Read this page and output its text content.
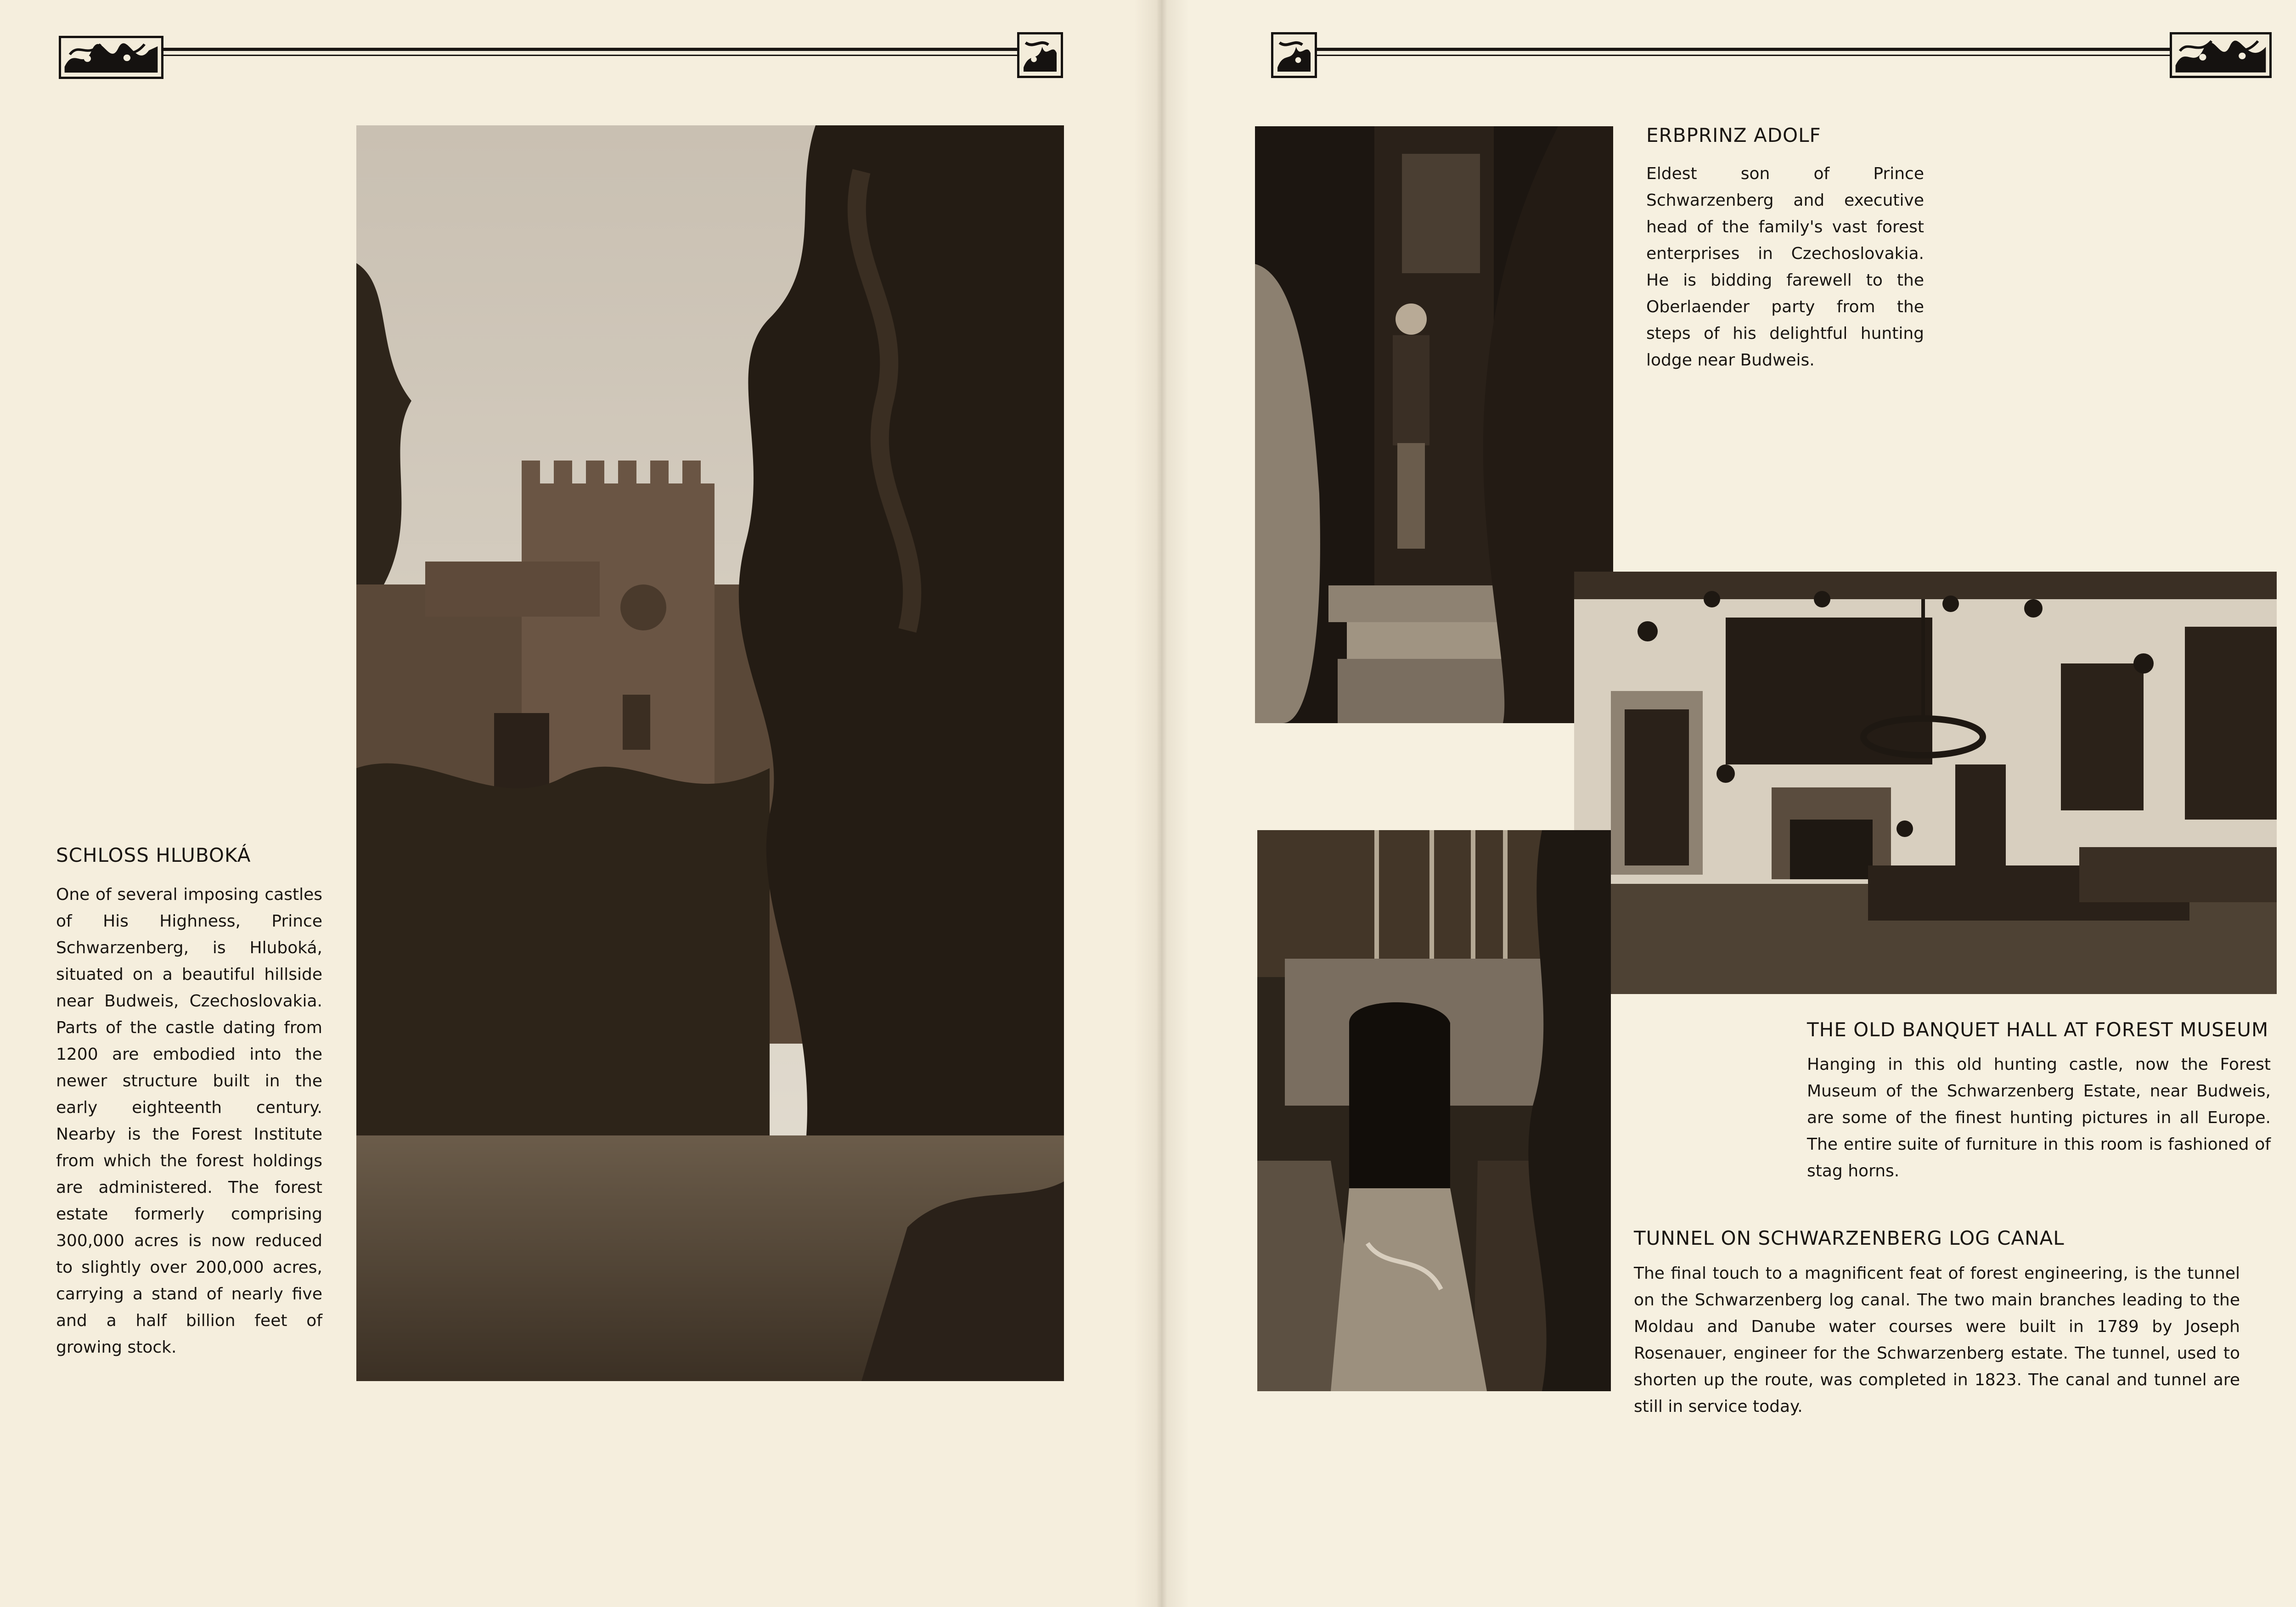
SCHLOSS HLUBOKÁ

One of several imposing castles of His Highness, Prince Schwarzenberg, is Hluboká, situated on a beautiful hillside near Budweis, Czechoslovakia. Parts of the castle dating from 1200 are embodied into the newer structure built in the early eighteenth century. Nearby is the Forest Institute from which the forest holdings are administered. The forest estate formerly comprising 300,000 acres is now reduced to slightly over 200,000 acres, carrying a stand of nearly five and a half billion feet of growing stock.

ERBPRINZ ADOLF

Eldest son of Prince Schwarzenberg and executive head of the family's vast forest enterprises in Czechoslovakia. He is bidding farewell to the Oberlaender party from the steps of his delightful hunting lodge near Budweis.

THE OLD BANQUET HALL AT FOREST MUSEUM

Hanging in this old hunting castle, now the Forest Museum of the Schwarzenberg Estate, near Budweis, are some of the finest hunting pictures in all Europe. The entire suite of furniture in this room is fashioned of stag horns.

TUNNEL ON SCHWARZENBERG LOG CANAL

The final touch to a magnificent feat of forest engineering, is the tunnel on the Schwarzenberg log canal. The two main branches leading to the Moldau and Danube water courses were built in 1789 by Joseph Rosenauer, engineer for the Schwarzenberg estate. The tunnel, used to shorten up the route, was completed in 1823. The canal and tunnel are still in service today.
